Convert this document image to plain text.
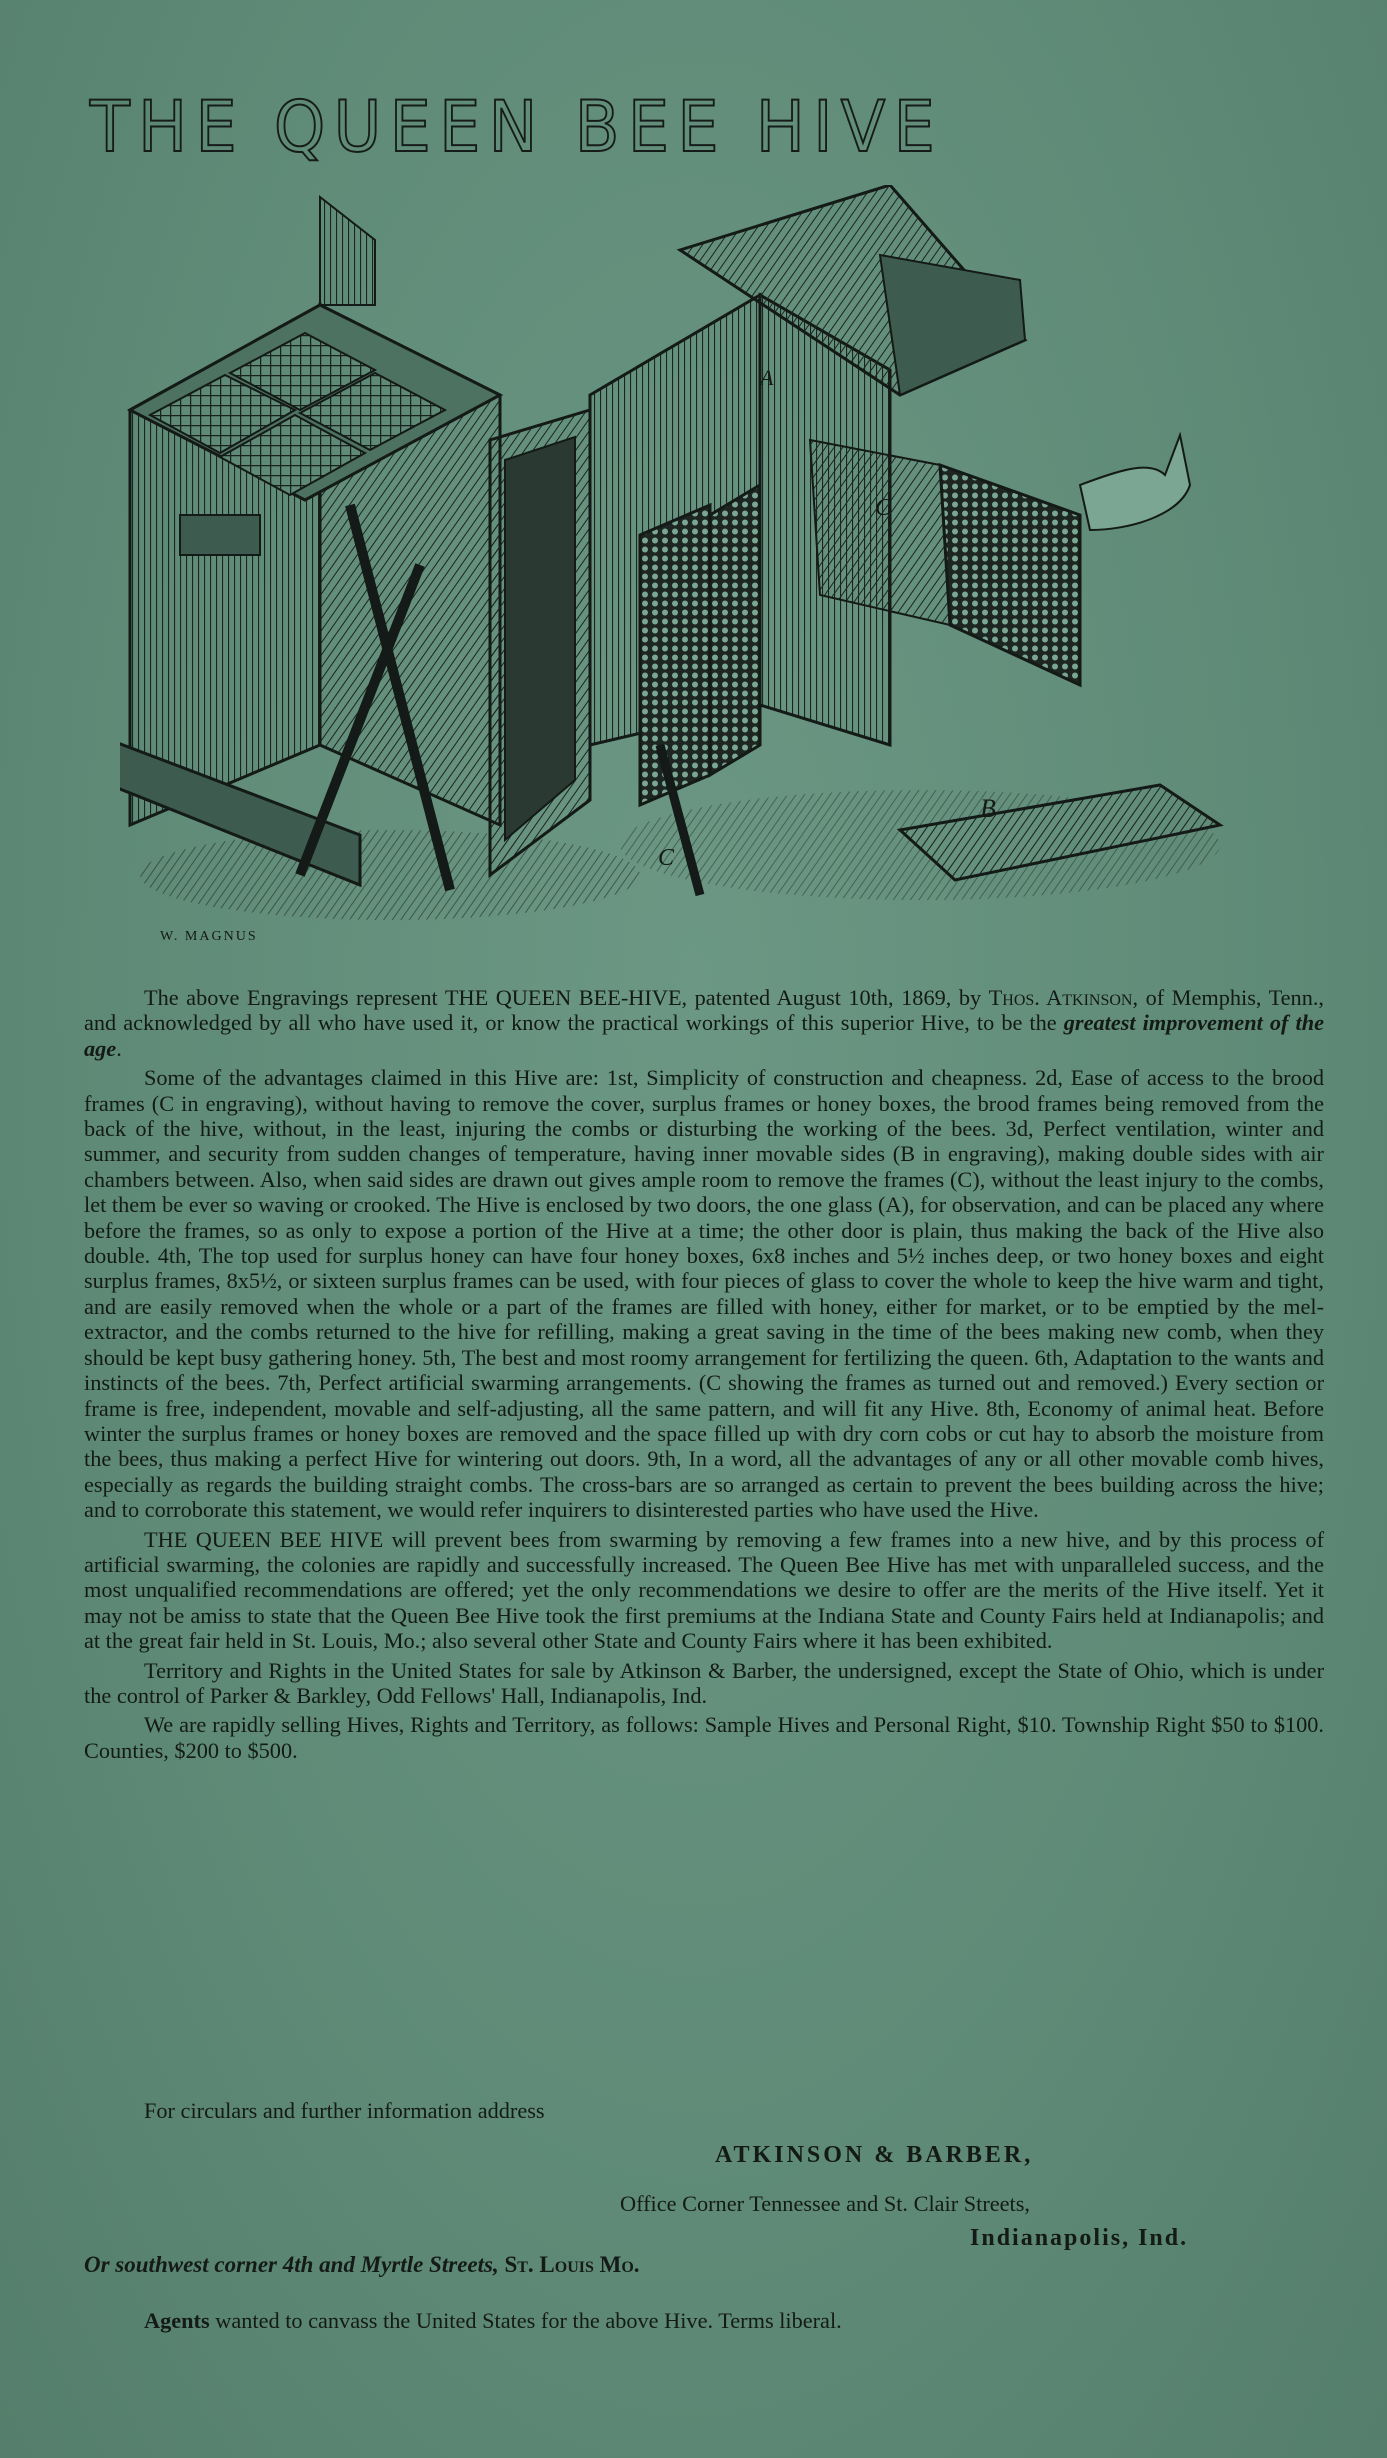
THE QUEEN BEE HIVE
B
C
C
A
W. MAGNUS

The above Engravings represent THE QUEEN BEE-HIVE, patented August 10th, 1869, by Thos. Atkinson, of Memphis, Tenn., and acknowledged by all who have used it, or know the practical workings of this superior Hive, to be the greatest improvement of the age.

Some of the advantages claimed in this Hive are: 1st, Simplicity of construction and cheapness. 2d, Ease of access to the brood frames (C in engraving), without having to remove the cover, surplus frames or honey boxes, the brood frames being removed from the back of the hive, without, in the least, injuring the combs or disturbing the working of the bees. 3d, Perfect ventilation, winter and summer, and security from sudden changes of temperature, having inner movable sides (B in engraving), making double sides with air chambers between. Also, when said sides are drawn out gives ample room to remove the frames (C), without the least injury to the combs, let them be ever so waving or crooked. The Hive is enclosed by two doors, the one glass (A), for observation, and can be placed any where before the frames, so as only to expose a portion of the Hive at a time; the other door is plain, thus making the back of the Hive also double. 4th, The top used for surplus honey can have four honey boxes, 6x8 inches and 5½ inches deep, or two honey boxes and eight surplus frames, 8x5½, or sixteen surplus frames can be used, with four pieces of glass to cover the whole to keep the hive warm and tight, and are easily removed when the whole or a part of the frames are filled with honey, either for market, or to be emptied by the mel-extractor, and the combs returned to the hive for refilling, making a great saving in the time of the bees making new comb, when they should be kept busy gathering honey. 5th, The best and most roomy arrangement for fertilizing the queen. 6th, Adaptation to the wants and instincts of the bees. 7th, Perfect artificial swarming arrangements. (C showing the frames as turned out and removed.) Every section or frame is free, independent, movable and self-adjusting, all the same pattern, and will fit any Hive. 8th, Economy of animal heat. Before winter the surplus frames or honey boxes are removed and the space filled up with dry corn cobs or cut hay to absorb the moisture from the bees, thus making a perfect Hive for wintering out doors. 9th, In a word, all the advantages of any or all other movable comb hives, especially as regards the building straight combs. The cross-bars are so arranged as certain to prevent the bees building across the hive; and to corroborate this statement, we would refer inquirers to disinterested parties who have used the Hive.

THE QUEEN BEE HIVE will prevent bees from swarming by removing a few frames into a new hive, and by this process of artificial swarming, the colonies are rapidly and successfully increased. The Queen Bee Hive has met with unparalleled success, and the most unqualified recommendations are offered; yet the only recommendations we desire to offer are the merits of the Hive itself. Yet it may not be amiss to state that the Queen Bee Hive took the first premiums at the Indiana State and County Fairs held at Indianapolis; and at the great fair held in St. Louis, Mo.; also several other State and County Fairs where it has been exhibited.

Territory and Rights in the United States for sale by Atkinson & Barber, the undersigned, except the State of Ohio, which is under the control of Parker & Barkley, Odd Fellows' Hall, Indianapolis, Ind.

We are rapidly selling Hives, Rights and Territory, as follows: Sample Hives and Personal Right, $10. Township Right $50 to $100. Counties, $200 to $500.

For circulars and further information address
ATKINSON & BARBER,
Office Corner Tennessee and St. Clair Streets,
Indianapolis, Ind.
Or southwest corner 4th and Myrtle Streets, St. Louis Mo.
Agents wanted to canvass the United States for the above Hive. Terms liberal.
